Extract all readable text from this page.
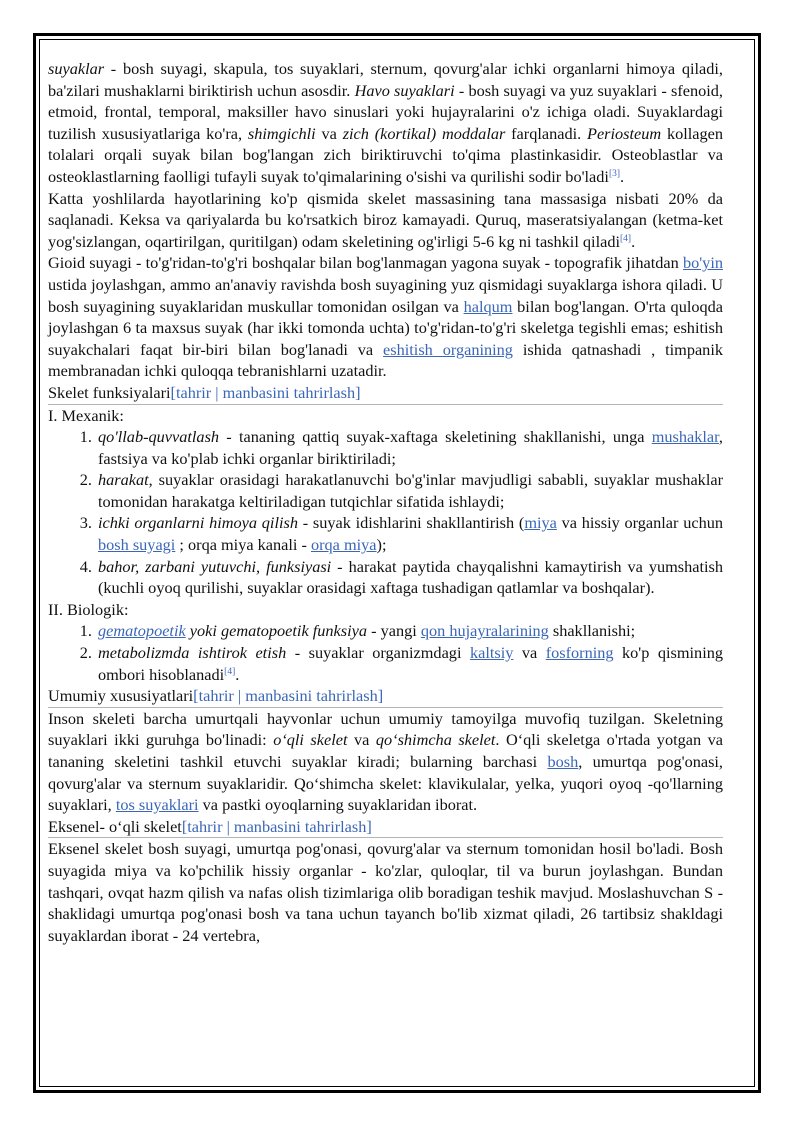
suyaklar - bosh suyagi, skapula, tos suyaklari, sternum, qovurg'alar ichki organlarni himoya qiladi, ba'zilari mushaklarni biriktirish uchun asosdir. Havo suyaklari - bosh suyagi va yuz suyaklari - sfenoid, etmoid, frontal, temporal, maksiller havo sinuslari yoki hujayralarini o'z ichiga oladi. Suyaklardagi tuzilish xususiyatlariga ko'ra, shimgichli va zich (kortikal) moddalar farqlanadi. Periosteum kollagen tolalari orqali suyak bilan bog'langan zich biriktiruvchi to'qima plastinkasidir. Osteoblastlar va osteoklastlarning faolligi tufayli suyak to'qimalarining o'sishi va qurilishi sodir bo'ladi[3].
Katta yoshlilarda hayotlarining ko'p qismida skelet massasining tana massasiga nisbati 20% da saqlanadi. Keksa va qariyalarda bu ko'rsatkich biroz kamayadi. Quruq, maseratsiyalangan (ketma-ket yog'sizlangan, oqartirilgan, quritilgan) odam skeletining og'irligi 5-6 kg ni tashkil qiladi[4].

Gioid suyagi - to'g'ridan-to'g'ri boshqalar bilan bog'lanmagan yagona suyak - topografik jihatdan bo'yin ustida joylashgan, ammo an'anaviy ravishda bosh suyagining yuz qismidagi suyaklarga ishora qiladi. U bosh suyagining suyaklaridan muskullar tomonidan osilgan va halqum bilan bog'langan. O'rta quloqda joylashgan 6 ta maxsus suyak (har ikki tomonda uchta) to'g'ridan-to'g'ri skeletga tegishli emas; eshitish suyakchalari faqat bir-biri bilan bog'lanadi va eshitish organining ishida qatnashadi , timpanik membranadan ichki quloqqa tebranishlarni uzatadir.

Skelet funksiyalari[tahrir | manbasini tahrirlash]

I. Mexanik:

1. qo'llab-quvvatlash - tananing qattiq suyak-xaftaga skeletining shakllanishi, unga mushaklar, fastsiya va ko'plab ichki organlar biriktiriladi;
2. harakat, suyaklar orasidagi harakatlanuvchi bo'g'inlar mavjudligi sababli, suyaklar mushaklar tomonidan harakatga keltiriladigan tutqichlar sifatida ishlaydi;
3. ichki organlarni himoya qilish - suyak idishlarini shakllantirish (miya va hissiy organlar uchun bosh suyagi ; orqa miya kanali - orqa miya);
4. bahor, zarbani yutuvchi, funksiyasi - harakat paytida chayqalishni kamaytirish va yumshatish (kuchli oyoq qurilishi, suyaklar orasidagi xaftaga tushadigan qatlamlar va boshqalar).

II. Biologik:

1. gematopoetik yoki gematopoetik funksiya - yangi qon hujayralarining shakllanishi;
2. metabolizmda ishtirok etish - suyaklar organizmdagi kaltsiy va fosforning ko'p qismining ombori hisoblanadi[4].
Umumiy xususiyatlari[tahrir | manbasini tahrirlash]

Inson skeleti barcha umurtqali hayvonlar uchun umumiy tamoyilga muvofiq tuzilgan. Skeletning suyaklari ikki guruhga bo'linadi: o‘qli skelet va qo‘shimcha skelet. O‘qli skeletga o'rtada yotgan va tananing skeletini tashkil etuvchi suyaklar kiradi; bularning barchasi bosh, umurtqa pog'onasi, qovurg'alar va sternum suyaklaridir. Qo‘shimcha skelet: klavikulalar, yelka, yuqori oyoq -qo'llarning suyaklari, tos suyaklari va pastki oyoqlarning suyaklaridan iborat.

Eksenel- o‘qli skelet[tahrir | manbasini tahrirlash]

Eksenel skelet bosh suyagi, umurtqa pog'onasi, qovurg'alar va sternum tomonidan hosil bo'ladi. Bosh suyagida miya va ko'pchilik hissiy organlar - ko'zlar, quloqlar, til va burun joylashgan. Bundan tashqari, ovqat hazm qilish va nafas olish tizimlariga olib boradigan teshik mavjud. Moslashuvchan S - shaklidagi umurtqa pog'onasi bosh va tana uchun tayanch bo'lib xizmat qiladi, 26 tartibsiz shakldagi suyaklardan iborat - 24 vertebra,
